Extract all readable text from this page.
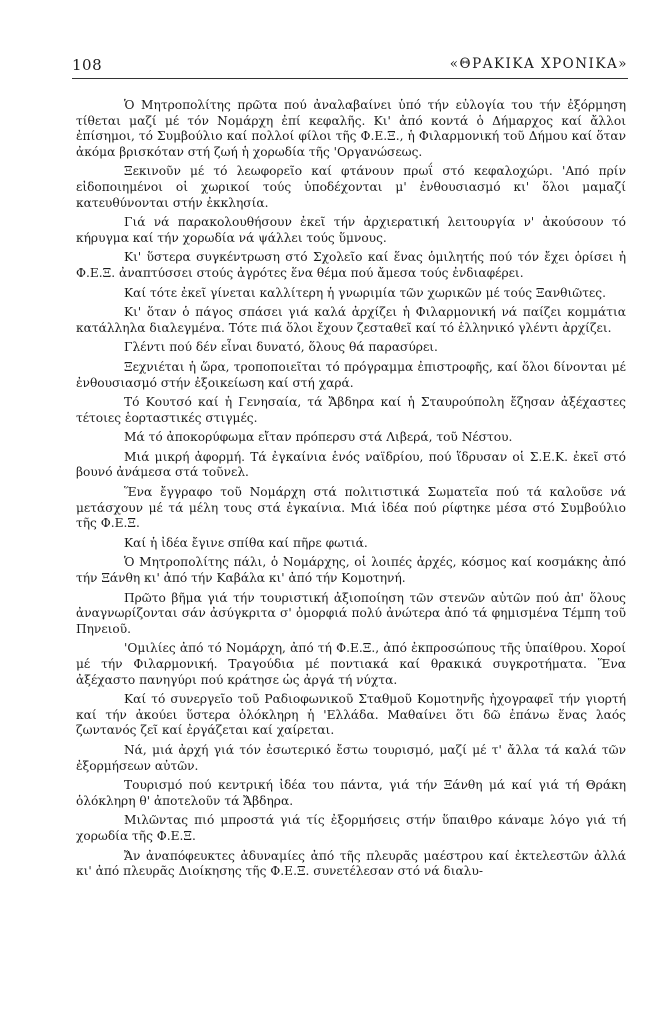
108	«ΘΡΑΚΙΚΑ ΧΡΟΝΙΚΑ»

Ὁ Μητροπολίτης πρῶτα πού ἀναλαβαίνει ὑπό τήν εὐλογία του τήν ἐξόρμηση τίθεται μαζί μέ τόν Νομάρχη ἐπί κεφαλῆς. Κι' ἀπό κοντά ὁ Δήμαρχος καί ἄλλοι ἐπίσημοι, τό Συμβούλιο καί πολλοί φίλοι τῆς Φ.Ε.Ξ., ἡ Φιλαρμονική τοῦ Δήμου καί ὅταν ἀκόμα βρισκόταν στή ζωή ἡ χορωδία τῆς 'Οργανώσεως.

Ξεκινοῦν μέ τό λεωφορεῖο καί φτάνουν πρωΐ στό κεφαλοχώρι. 'Από πρίν εἰδοποιημένοι οἱ χωρικοί τούς ὑποδέχονται μ' ἐνθουσιασμό κι' ὅλοι μαμαζί κατευθύνονται στήν ἐκκλησία.

Γιά νά παρακολουθήσουν ἐκεῖ τήν ἀρχιερατική λειτουργία ν' ἀκούσουν τό κήρυγμα καί τήν χορωδία νά ψάλλει τούς ὕμνους.

Κι' ὕστερα συγκέντρωση στό Σχολεῖο καί ἕνας ὁμιλητής πού τόν ἔχει ὁρίσει ἡ Φ.Ε.Ξ. ἀναπτύσσει στούς ἀγρότες ἕνα θέμα πού ἄμεσα τούς ἐνδιαφέρει.

Καί τότε ἐκεῖ γίνεται καλλίτερη ἡ γνωριμία τῶν χωρικῶν μέ τούς Ξανθιῶτες.

Κι' ὅταν ὁ πάγος σπάσει γιά καλά ἀρχίζει ἡ Φιλαρμονική νά παίζει κομμάτια κατάλληλα διαλεγμένα. Τότε πιά ὅλοι ἔχουν ζεσταθεῖ καί τό ἑλληνικό γλέντι ἀρχίζει.

Γλέντι πού δέν εἶναι δυνατό, ὅλους θά παρασύρει.

Ξεχνιέται ἡ ὥρα, τροποποιεῖται τό πρόγραμμα ἐπιστροφῆς, καί ὅλοι δίνονται μέ ἐνθουσιασμό στήν ἐξοικείωση καί στή χαρά.

Τό Κουτσό καί ἡ Γενησαία, τά Ἄβδηρα καί ἡ Σταυρούπολη ἔζησαν ἀξέχαστες τέτοιες ἑορταστικές στιγμές.

Μά τό ἀποκορύφωμα εἴταν πρόπερσυ στά Λιβερά, τοῦ Νέστου.

Μιά μικρή ἀφορμή. Τά ἐγκαίνια ἑνός ναϊδρίου, πού ἵδρυσαν οἱ Σ.Ε.Κ. ἐκεῖ στό βουνό ἀνάμεσα στά τοῦνελ.

Ἕνα ἔγγραφο τοῦ Νομάρχη στά πολιτιστικά Σωματεῖα πού τά καλοῦσε νά μετάσχουν μέ τά μέλη τους στά ἐγκαίνια. Μιά ἰδέα πού ρίφτηκε μέσα στό Συμβούλιο τῆς Φ.Ε.Ξ.

Καί ἡ ἰδέα ἔγινε σπίθα καί πῆρε φωτιά.

Ὁ Μητροπολίτης πάλι, ὁ Νομάρχης, οἱ λοιπές ἀρχές, κόσμος καί κοσμάκης ἀπό τήν Ξάνθη κι' ἀπό τήν Καβάλα κι' ἀπό τήν Κομοτηνή.

Πρῶτο βῆμα γιά τήν τουριστική ἀξιοποίηση τῶν στενῶν αὐτῶν πού ἀπ' ὅλους ἀναγνωρίζονται σάν ἀσύγκριτα σ' ὀμορφιά πολύ ἀνώτερα ἀπό τά φημισμένα Τέμπη τοῦ Πηνειοῦ.

'Ομιλίες ἀπό τό Νομάρχη, ἀπό τή Φ.Ε.Ξ., ἀπό ἐκπροσώπους τῆς ὑπαίθρου. Χοροί μέ τήν Φιλαρμονική. Τραγούδια μέ ποντιακά καί θρακικά συγκροτήματα. Ἕνα ἀξέχαστο πανηγύρι πού κράτησε ὡς ἀργά τή νύχτα.

Καί τό συνεργεῖο τοῦ Ραδιοφωνικοῦ Σταθμοῦ Κομοτηνῆς ἠχογραφεῖ τήν γιορτή καί τήν ἀκούει ὕστερα ὁλόκληρη ἡ 'Ελλάδα. Μαθαίνει ὅτι δῶ ἐπάνω ἕνας λαός ζωντανός ζεῖ καί ἐργάζεται καί χαίρεται.

Νά, μιά ἀρχή γιά τόν ἐσωτερικό ἔστω τουρισμό, μαζί μέ τ' ἄλλα τά καλά τῶν ἐξορμήσεων αὐτῶν.

Τουρισμό πού κεντρική ἰδέα του πάντα, γιά τήν Ξάνθη μά καί γιά τή Θράκη ὁλόκληρη θ' ἀποτελοῦν τά Ἄβδηρα.

Μιλῶντας πιό μπροστά γιά τίς ἐξορμήσεις στήν ὕπαιθρο κάναμε λόγο γιά τή χορωδία τῆς Φ.Ε.Ξ.

Ἄν ἀναπόφευκτες ἀδυναμίες ἀπό τῆς πλευρᾶς μαέστρου καί ἐκτελεστῶν ἀλλά κι' ἀπό πλευρᾶς Διοίκησης τῆς Φ.Ε.Ξ. συνετέλεσαν στό νά διαλυ-
